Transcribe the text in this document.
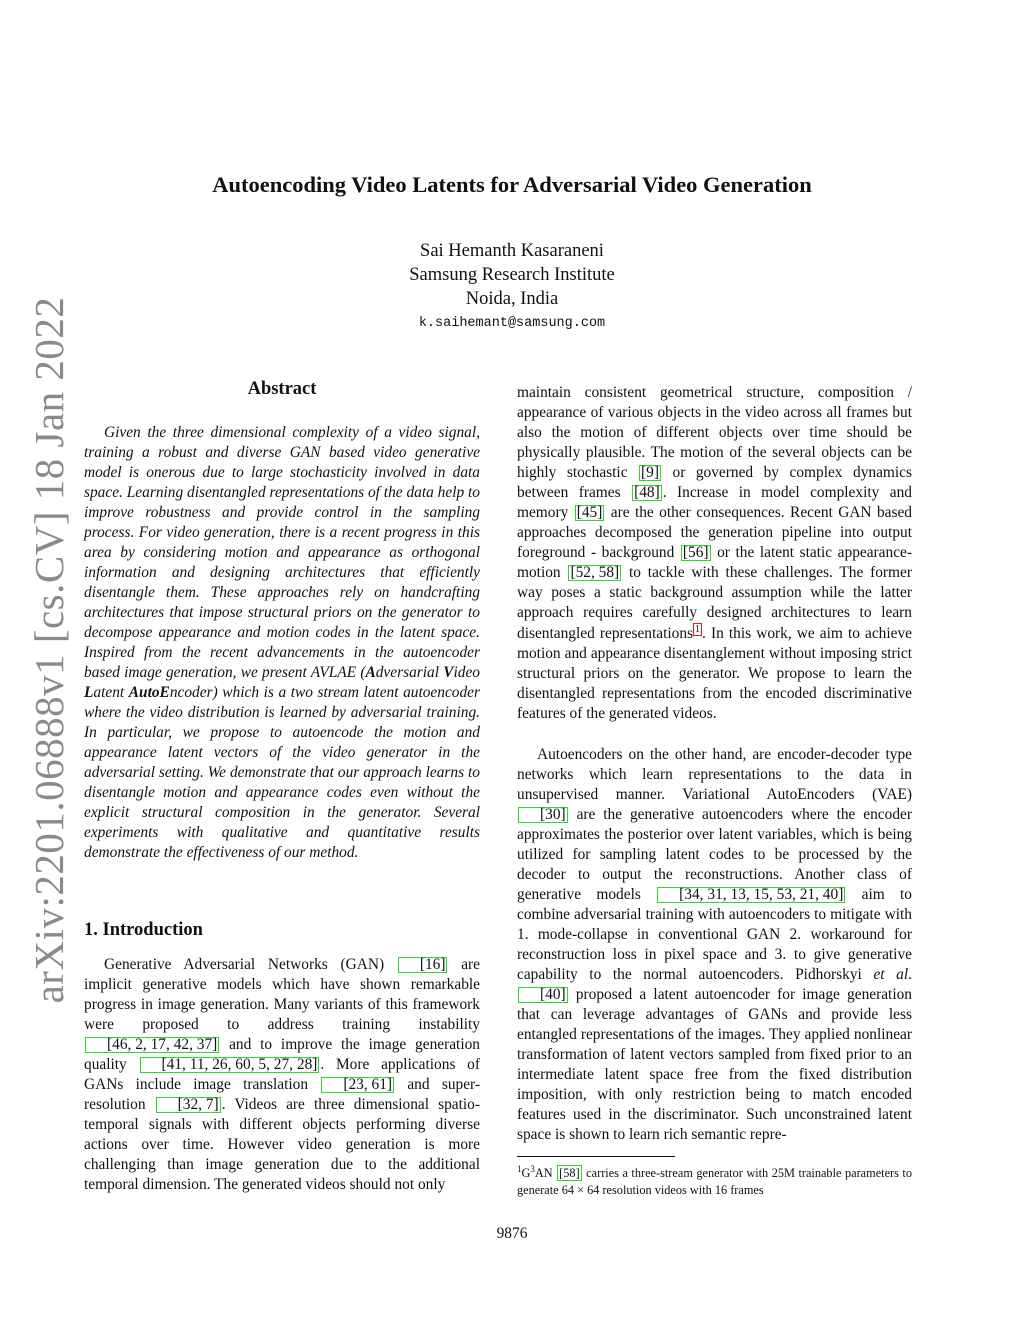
arXiv:2201.06888v1 [cs.CV] 18 Jan 2022
Autoencoding Video Latents for Adversarial Video Generation
Sai Hemanth Kasaraneni
Samsung Research Institute
Noida, India
k.saihemant@samsung.com
Abstract
Given the three dimensional complexity of a video signal, training a robust and diverse GAN based video generative model is onerous due to large stochasticity involved in data space. Learning disentangled representations of the data help to improve robustness and provide control in the sampling process. For video generation, there is a recent progress in this area by considering motion and appearance as orthogonal information and designing architectures that efficiently disentangle them. These approaches rely on handcrafting architectures that impose structural priors on the generator to decompose appearance and motion codes in the latent space. Inspired from the recent advancements in the autoencoder based image generation, we present AVLAE (Adversarial Video Latent AutoEncoder) which is a two stream latent autoencoder where the video distribution is learned by adversarial training. In particular, we propose to autoencode the motion and appearance latent vectors of the video generator in the adversarial setting. We demonstrate that our approach learns to disentangle motion and appearance codes even without the explicit structural composition in the generator. Several experiments with qualitative and quantitative results demonstrate the effectiveness of our method.
1. Introduction
Generative Adversarial Networks (GAN) [16] are implicit generative models which have shown remarkable progress in image generation. Many variants of this framework were proposed to address training instability [46, 2, 17, 42, 37] and to improve the image generation quality [41, 11, 26, 60, 5, 27, 28] . More applications of GANs include image translation [23, 61] and super-resolution [32, 7] . Videos are three dimensional spatio-temporal signals with different objects performing diverse actions over time. However video generation is more challenging than image generation due to the additional temporal dimension. The generated videos should not only
maintain consistent geometrical structure, composition / appearance of various objects in the video across all frames but also the motion of different objects over time should be physically plausible. The motion of the several objects can be highly stochastic [9] or governed by complex dynamics between frames [48] . Increase in model complexity and memory [45] are the other consequences. Recent GAN based approaches decomposed the generation pipeline into output foreground - background [56] or the latent static appearance-motion [52, 58] to tackle with these challenges. The former way poses a static background assumption while the latter approach requires carefully designed architectures to learn disentangled representations 1 . In this work, we aim to achieve motion and appearance disentanglement without imposing strict structural priors on the generator. We propose to learn the disentangled representations from the encoded discriminative features of the generated videos.
Autoencoders on the other hand, are encoder-decoder type networks which learn representations to the data in unsupervised manner. Variational AutoEncoders (VAE) [30] are the generative autoencoders where the encoder approximates the posterior over latent variables, which is being utilized for sampling latent codes to be processed by the decoder to output the reconstructions. Another class of generative models [34, 31, 13, 15, 53, 21, 40] aim to combine adversarial training with autoencoders to mitigate with 1. mode-collapse in conventional GAN 2. workaround for reconstruction loss in pixel space and 3. to give generative capability to the normal autoencoders. Pidhorskyi et al. [40] proposed a latent autoencoder for image generation that can leverage advantages of GANs and provide less entangled representations of the images. They applied nonlinear transformation of latent vectors sampled from fixed prior to an intermediate latent space free from the fixed distribution imposition, with only restriction being to match encoded features used in the discriminator. Such unconstrained latent space is shown to learn rich semantic repre-
$^1G^3AN$ [58] carries a three-stream generator with 25M trainable parameters to generate 64 × 64 resolution videos with 16 frames
9876
